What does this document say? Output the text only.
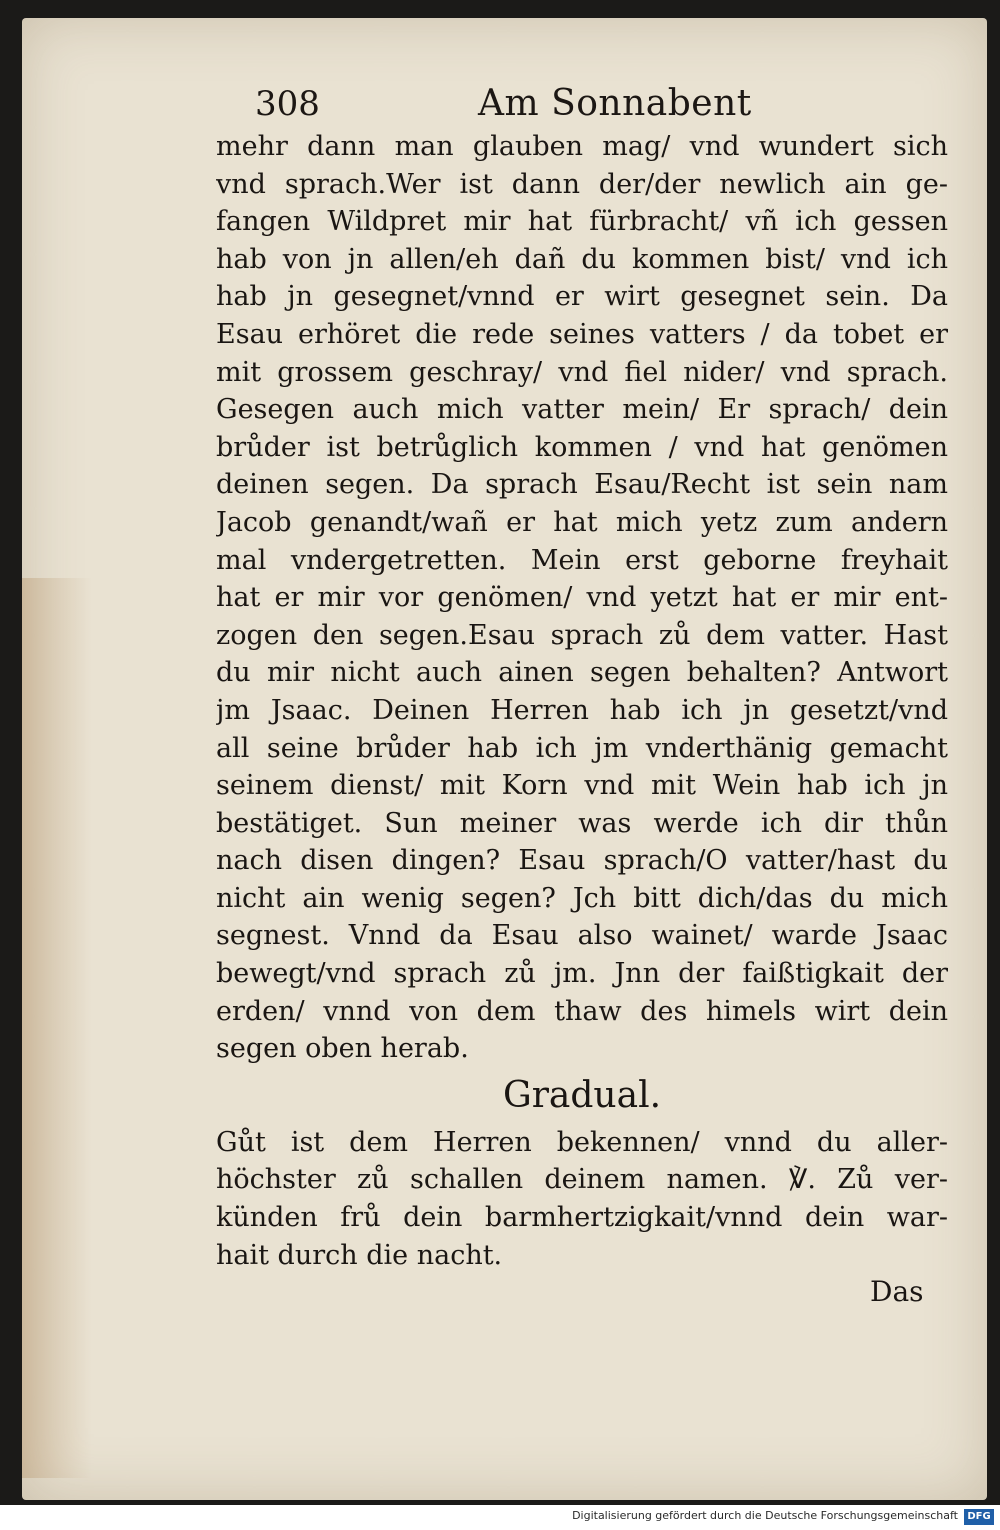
308	Am Sonnabent
mehr dann man glauben mag/ vnd wundert sich
vnd sprach.Wer ist dann der/der newlich ain ge-
fangen Wildpret mir hat fürbracht/ vñ ich gessen
hab von jn allen/eh dañ du kommen bist/ vnd ich
hab jn gesegnet/vnnd er wirt gesegnet sein. Da
Esau erhöret die rede seines vatters / da tobet er
mit grossem geschray/ vnd fiel nider/ vnd sprach.
Gesegen auch mich vatter mein/ Er sprach/ dein
brůder ist betrůglich kommen / vnd hat genömen
deinen segen. Da sprach Esau/Recht ist sein nam
Jacob genandt/wañ er hat mich yetz zum andern
mal vndergetretten. Mein erst geborne freyhait
hat er mir vor genömen/ vnd yetzt hat er mir ent-
zogen den segen.Esau sprach zů dem vatter. Hast
du mir nicht auch ainen segen behalten? Antwort
jm Jsaac. Deinen Herren hab ich jn gesetzt/vnd
all seine brůder hab ich jm vnderthänig gemacht
seinem dienst/ mit Korn vnd mit Wein hab ich jn
bestätiget. Sun meiner was werde ich dir thůn
nach disen dingen? Esau sprach/O vatter/hast du
nicht ain wenig segen? Jch bitt dich/das du mich
segnest. Vnnd da Esau also wainet/ warde Jsaac
bewegt/vnd sprach zů jm. Jnn der faißtigkait der
erden/ vnnd von dem thaw des himels wirt dein
segen oben herab.
Gradual.
Gůt ist dem Herren bekennen/ vnnd du aller-
höchster zů schallen deinem namen. ℣. Zů ver-
künden frů dein barmhertzigkait/vnnd dein war-
hait durch die nacht.
Das
Digitalisierung gefördert durch die Deutsche Forschungsgemeinschaft DFG
